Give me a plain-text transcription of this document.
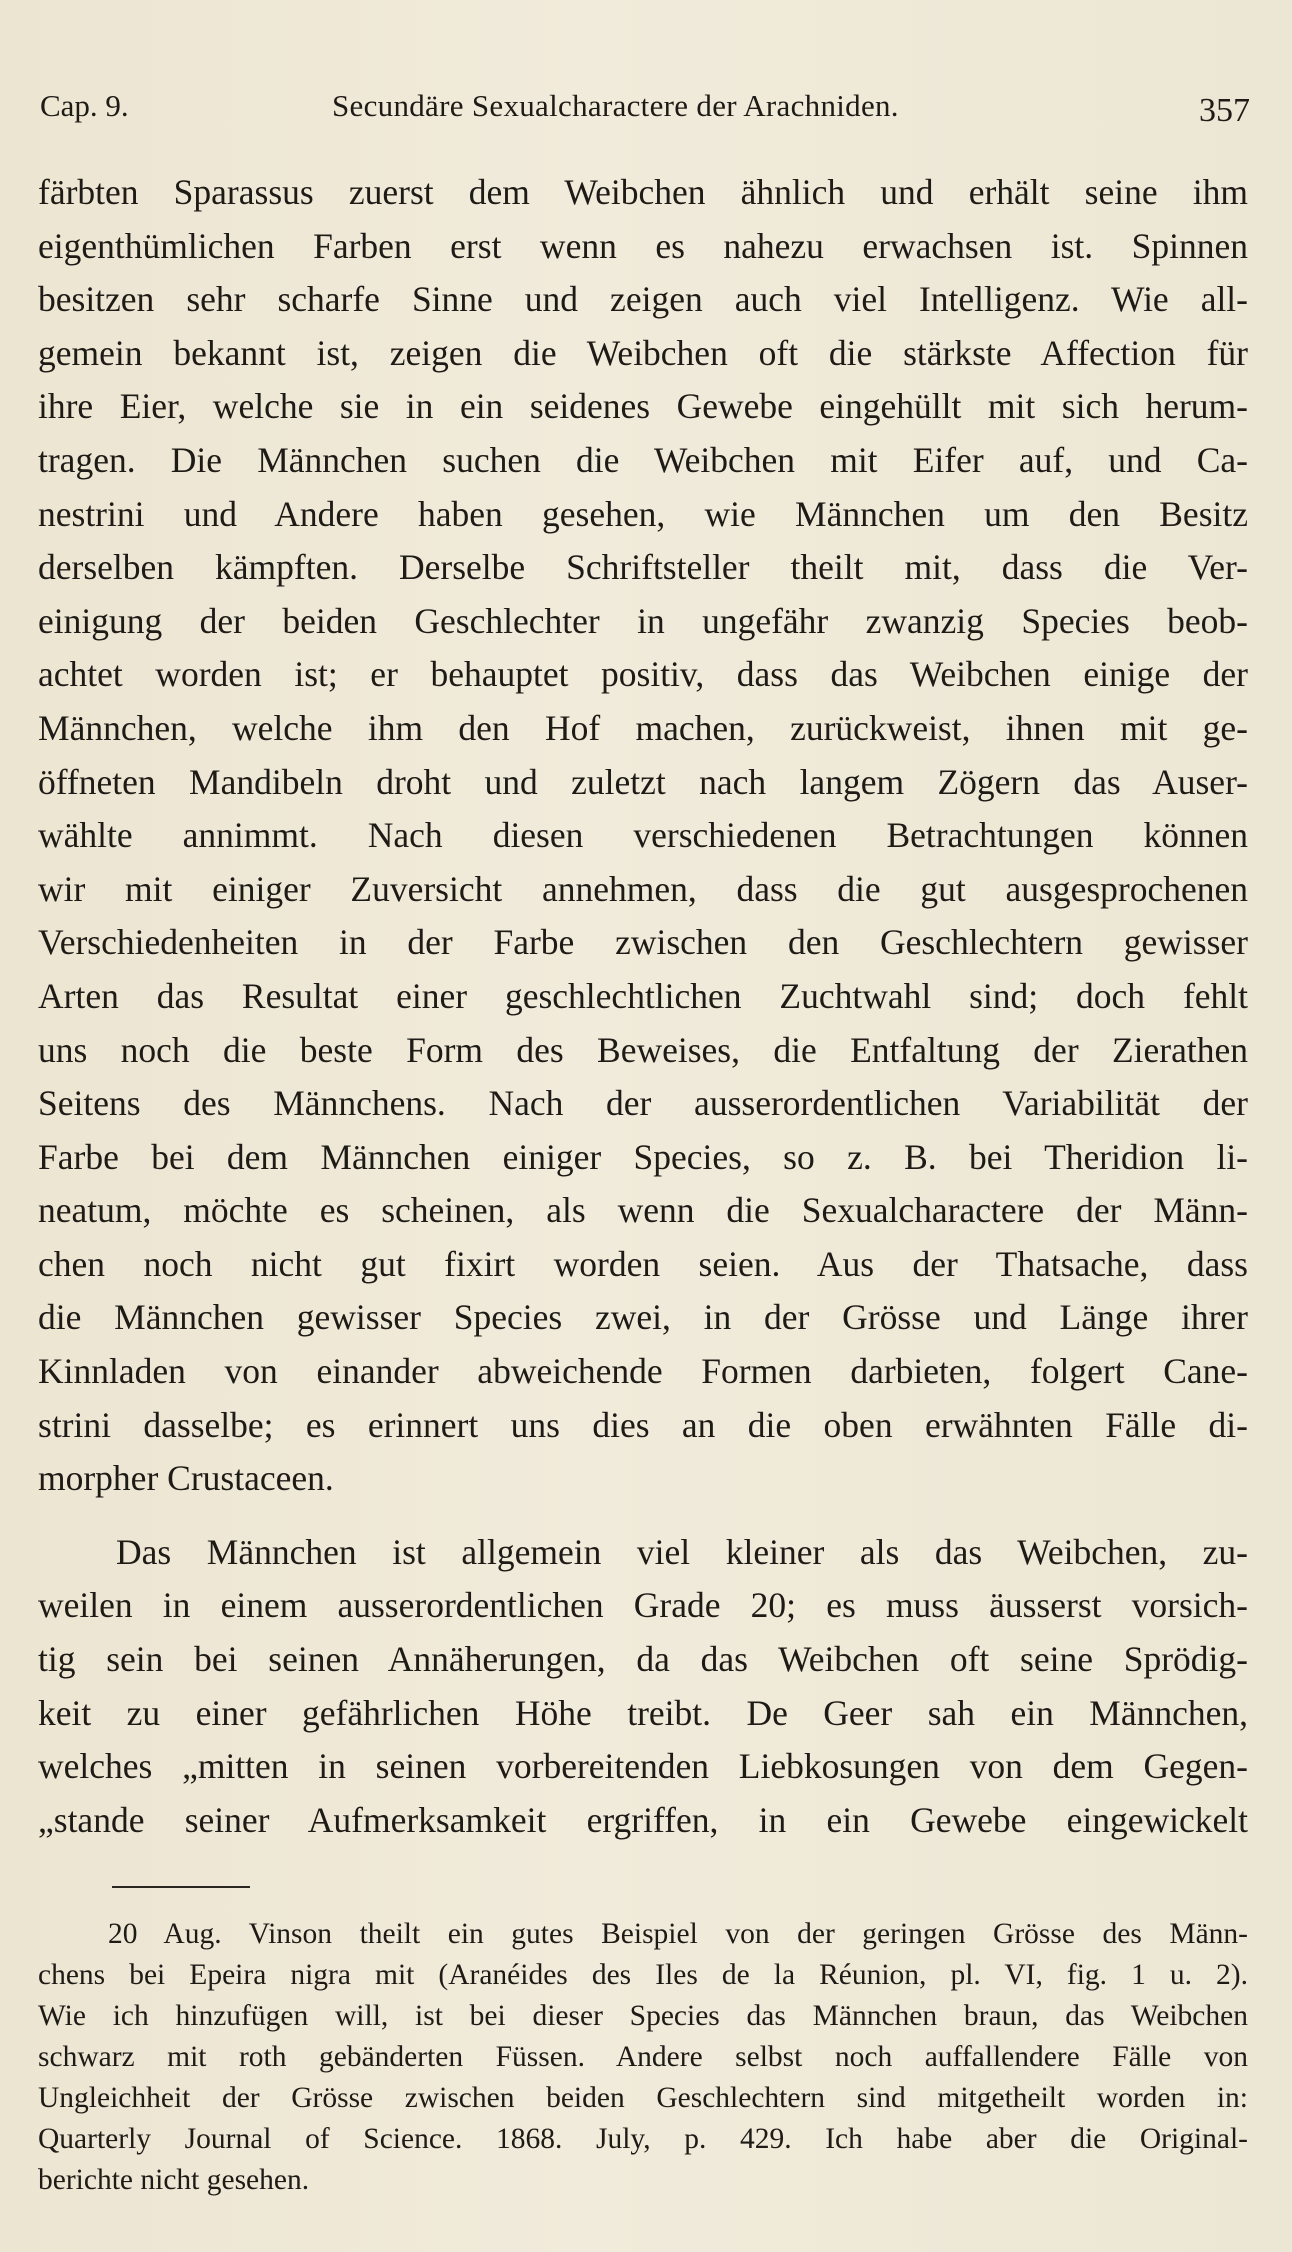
Cap. 9.	Secundäre Sexualcharactere der Arachniden.	357
färbten Sparassus zuerst dem Weibchen ähnlich und erhält seine ihm
eigenthümlichen Farben erst wenn es nahezu erwachsen ist. Spinnen
besitzen sehr scharfe Sinne und zeigen auch viel Intelligenz. Wie all-
gemein bekannt ist, zeigen die Weibchen oft die stärkste Affection für
ihre Eier, welche sie in ein seidenes Gewebe eingehüllt mit sich herum-
tragen. Die Männchen suchen die Weibchen mit Eifer auf, und Ca-
nestrini und Andere haben gesehen, wie Männchen um den Besitz
derselben kämpften. Derselbe Schriftsteller theilt mit, dass die Ver-
einigung der beiden Geschlechter in ungefähr zwanzig Species beob-
achtet worden ist; er behauptet positiv, dass das Weibchen einige der
Männchen, welche ihm den Hof machen, zurückweist, ihnen mit ge-
öffneten Mandibeln droht und zuletzt nach langem Zögern das Auser-
wählte annimmt. Nach diesen verschiedenen Betrachtungen können
wir mit einiger Zuversicht annehmen, dass die gut ausgesprochenen
Verschiedenheiten in der Farbe zwischen den Geschlechtern gewisser
Arten das Resultat einer geschlechtlichen Zuchtwahl sind; doch fehlt
uns noch die beste Form des Beweises, die Entfaltung der Zierathen
Seitens des Männchens. Nach der ausserordentlichen Variabilität der
Farbe bei dem Männchen einiger Species, so z. B. bei Theridion li-
neatum, möchte es scheinen, als wenn die Sexualcharactere der Männ-
chen noch nicht gut fixirt worden seien. Aus der Thatsache, dass
die Männchen gewisser Species zwei, in der Grösse und Länge ihrer
Kinnladen von einander abweichende Formen darbieten, folgert Cane-
strini dasselbe; es erinnert uns dies an die oben erwähnten Fälle di-
morpher Crustaceen.
Das Männchen ist allgemein viel kleiner als das Weibchen, zu-
weilen in einem ausserordentlichen Grade 20; es muss äusserst vorsich-
tig sein bei seinen Annäherungen, da das Weibchen oft seine Sprödig-
keit zu einer gefährlichen Höhe treibt. De Geer sah ein Männchen,
welches „mitten in seinen vorbereitenden Liebkosungen von dem Gegen-
„stande seiner Aufmerksamkeit ergriffen, in ein Gewebe eingewickelt
20 Aug. Vinson theilt ein gutes Beispiel von der geringen Grösse des Männ-
chens bei Epeira nigra mit (Aranéides des Iles de la Réunion, pl. VI, fig. 1 u. 2).
Wie ich hinzufügen will, ist bei dieser Species das Männchen braun, das Weibchen
schwarz mit roth gebänderten Füssen. Andere selbst noch auffallendere Fälle von
Ungleichheit der Grösse zwischen beiden Geschlechtern sind mitgetheilt worden in:
Quarterly Journal of Science. 1868. July, p. 429. Ich habe aber die Original-
berichte nicht gesehen.
